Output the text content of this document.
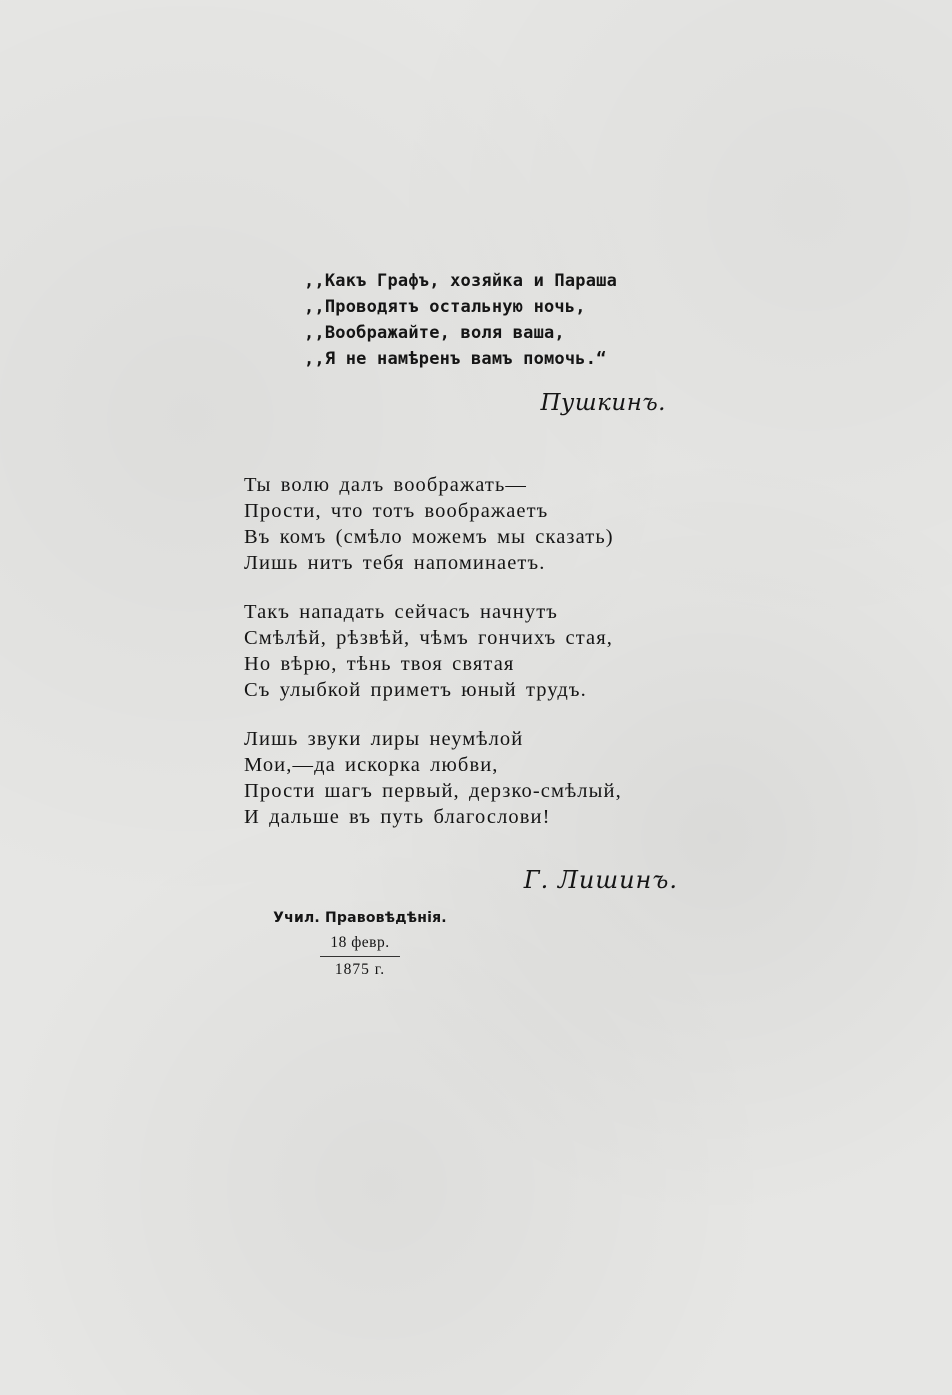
,,Какъ Графъ, хозяйка и Параша
,,Проводятъ остальную ночь,
,,Воображайте, воля ваша,
,,Я не намѣренъ вамъ помочь.“
Пушкинъ.
Ты волю далъ воображать—
Прости, что тотъ воображаетъ
Въ комъ (смѣло можемъ мы сказать)
Лишь нитъ тебя напоминаетъ.
Такъ нападать сейчасъ начнутъ
Смѣлѣй, рѣзвѣй, чѣмъ гончихъ стая,
Но вѣрю, тѣнь твоя святая
Съ улыбкой приметъ юный трудъ.
Лишь звуки лиры неумѣлой
Мои,—да искорка любви,
Прости шагъ первый, дерзко-смѣлый,
И дальше въ путь благослови!
Г. Лишинъ.
Учил. Правовѣдѣнія.
18 февр.
1875 г.
